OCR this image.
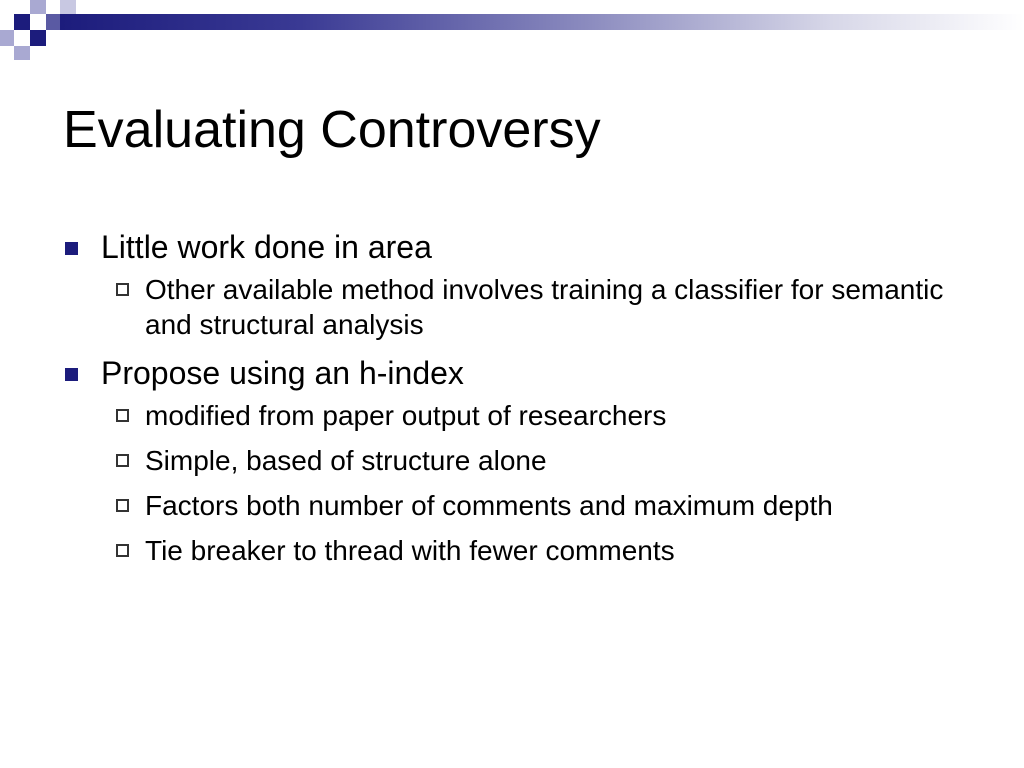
Evaluating Controversy
Little work done in area
Other available method involves training a classifier for semantic and structural analysis
Propose using an h-index
modified from paper output of researchers
Simple, based of structure alone
Factors both number of comments and maximum depth
Tie breaker to thread with fewer comments
